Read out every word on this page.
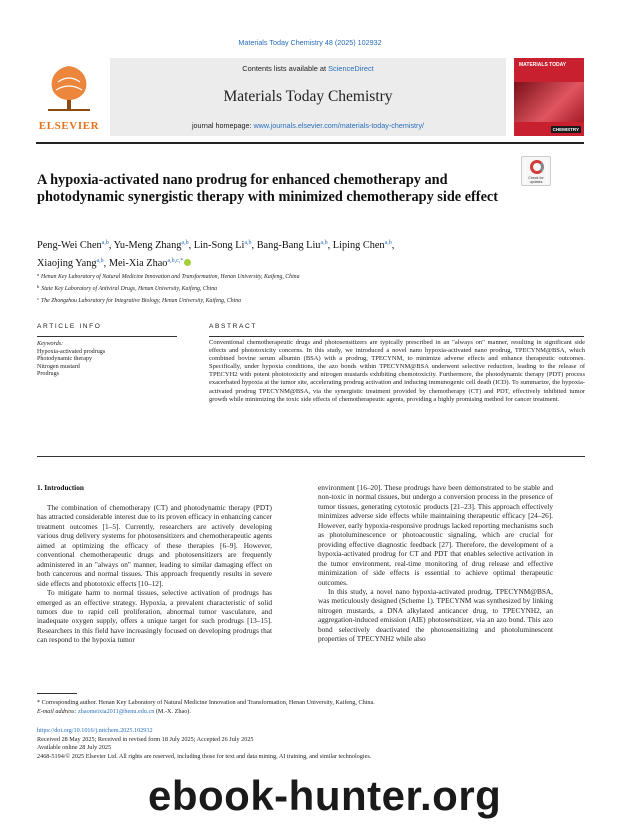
Materials Today Chemistry 48 (2025) 102932
ELSEVIER
Contents lists available at ScienceDirect
Materials Today Chemistry
journal homepage: www.journals.elsevier.com/materials-today-chemistry/
MATERIALS TODAY
CHEMISTRY
A hypoxia-activated nano prodrug for enhanced chemotherapy and photodynamic synergistic therapy with minimized chemotherapy side effect
Check for updates
Peng-Wei Chen$^{a,b}$, Yu-Meng Zhang$^{a,b}$, Lin-Song Li$^{a,b}$, Bang-Bang Liu$^{a,b}$, Liping Chen$^{a,b}$,
Xiaojing Yang$^{a,b}$, Mei-Xia Zhao$^{a,b,c,*}$
$^a$ Henan Key Laboratory of Natural Medicine Innovation and Transformation, Henan University, Kaifeng, China
$^b$ State Key Laboratory of Antiviral Drugs, Henan University, Kaifeng, China
$^c$ The Zhongzhou Laboratory for Integrative Biology, Henan University, Kaifeng, China
ARTICLE INFO	ABSTRACT
Keywords:
Hypoxia-activated prodrugs
Photodynamic therapy
Nitrogen mustard
Prodrugs
Conventional chemotherapeutic drugs and photosensitizers are typically prescribed in an "always on" manner, resulting in significant side effects and phototoxicity concerns. In this study, we introduced a novel nano hypoxia-activated nano prodrug, TPECYNM@BSA, which combined bovine serum albumin (BSA) with a prodrug, TPECYNM, to minimize adverse effects and enhance therapeutic outcomes. Specifically, under hypoxia conditions, the azo bonds within TPECYNM@BSA underwent selective reduction, leading to the release of TPECYH2 with potent phototoxicity and nitrogen mustards exhibiting chemotoxicity. Furthermore, the photodynamic therapy (PDT) process exacerbated hypoxia at the tumor site, accelerating prodrug activation and inducing immunogenic cell death (ICD). To summarize, the hypoxia-activated prodrug TPECYNM@BSA, via the synergistic treatment provided by chemotherapy (CT) and PDT, effectively inhibited tumor growth while minimizing the toxic side effects of chemotherapeutic agents, providing a highly promising method for cancer treatment.
1. Introduction

The combination of chemotherapy (CT) and photodynamic therapy (PDT) has attracted considerable interest due to its proven efficacy in enhancing cancer treatment outcomes [1–5]. Currently, researchers are actively developing various drug delivery systems for photosensitizers and chemotherapeutic agents aimed at optimizing the efficacy of these therapies [6–9]. However, conventional chemotherapeutic drugs and photosensitizers are frequently administered in an "always on" manner, leading to similar damaging effect on both cancerous and normal tissues. This approach frequently results in severe side effects and phototoxic effects [10–12].

To mitigate harm to normal tissues, selective activation of prodrugs has emerged as an effective strategy. Hypoxia, a prevalent characteristic of solid tumors due to rapid cell proliferation, abnormal tumor vasculature, and inadequate oxygen supply, offers a unique target for such prodrugs [13–15]. Researchers in this field have increasingly focused on developing prodrugs that can respond to the hypoxia tumor

environment [16–20]. These prodrugs have been demonstrated to be stable and non-toxic in normal tissues, but undergo a conversion process in the presence of tumor tissues, generating cytotoxic products [21–23]. This approach effectively minimizes adverse side effects while maintaining therapeutic efficacy [24–26]. However, early hypoxia-responsive prodrugs lacked reporting mechanisms such as photoluminescence or photoacoustic signaling, which are crucial for providing effective diagnostic feedback [27]. Therefore, the development of a hypoxia-activated prodrug for CT and PDT that enables selective activation in the tumor environment, real-time monitoring of drug release and effective minimization of side effects is essential to achieve optimal therapeutic outcomes.

In this study, a novel nano hypoxia-activated prodrug, TPECYNM@BSA, was meticulously designed (Scheme 1). TPECYNM was synthesized by linking nitrogen mustards, a DNA alkylated anticancer drug, to TPECYNH2, an aggregation-induced emission (AIE) photosensitizer, via an azo bond. This azo bond selectively deactivated the photosensitizing and photoluminescent properties of TPECYNH2 while also

* Corresponding author. Henan Key Laboratory of Natural Medicine Innovation and Transformation, Henan University, Kaifeng, China.
E-mail address: zhaomeixia2011@henu.edu.cn (M.-X. Zhao).
https://doi.org/10.1016/j.mtchem.2025.102932
Received 28 May 2025; Received in revised form 18 July 2025; Accepted 26 July 2025
Available online 28 July 2025
2468-5194/© 2025 Elsevier Ltd. All rights are reserved, including those for text and data mining, AI training, and similar technologies.
ebook-hunter.org
